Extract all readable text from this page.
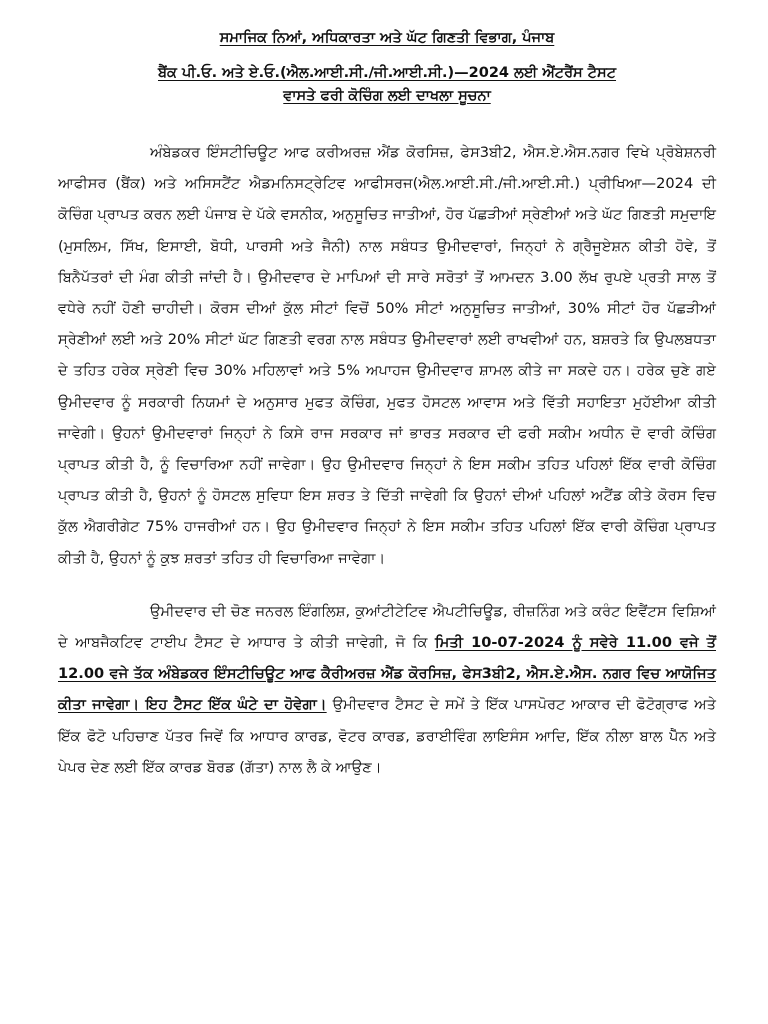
ਸਮਾਜਿਕ ਨਿਆਂ, ਅਧਿਕਾਰਤਾ ਅਤੇ ਘੱਟ ਗਿਣਤੀ ਵਿਭਾਗ, ਪੰਜਾਬ
ਬੈਂਕ ਪੀ.ਓ. ਅਤੇ ਏ.ਓ.(ਐਲ.ਆਈ.ਸੀ./ਜੀ.ਆਈ.ਸੀ.)—2024 ਲਈ ਐਂਟਰੈਂਸ ਟੈਸਟ
ਵਾਸਤੇ ਫਰੀ ਕੋਚਿੰਗ ਲਈ ਦਾਖਲਾ ਸੂਚਨਾ

ਅੰਬੇਡਕਰ ਇੰਸਟੀਚਿਊਟ ਆਫ ਕਰੀਅਰਜ਼ ਐਂਡ ਕੋਰਸਿਜ਼, ਫੇਸ3ਬੀ2, ਐਸ.ਏ.ਐਸ.ਨਗਰ ਵਿਖੇ ਪ੍ਰੋਬੇਸ਼ਨਰੀ ਆਫੀਸਰ (ਬੈਂਕ) ਅਤੇ ਅਸਿਸਟੈਂਟ ਐਡਮਨਿਸਟ੍ਰੇਟਿਵ ਆਫੀਸਰਜ(ਐਲ.ਆਈ.ਸੀ./ਜੀ.ਆਈ.ਸੀ.) ਪ੍ਰੀਖਿਆ—2024 ਦੀ ਕੋਚਿੰਗ ਪ੍ਰਾਪਤ ਕਰਨ ਲਈ ਪੰਜਾਬ ਦੇ ਪੱਕੇ ਵਸਨੀਕ, ਅਨੁਸੂਚਿਤ ਜਾਤੀਆਂ, ਹੋਰ ਪੱਛੜੀਆਂ ਸ੍ਰੇਣੀਆਂ ਅਤੇ ਘੱਟ ਗਿਣਤੀ ਸਮੁਦਾਇ (ਮੁਸਲਿਮ, ਸਿੱਖ, ਇਸਾਈ, ਬੋਧੀ, ਪਾਰਸੀ ਅਤੇ ਜੈਨੀ) ਨਾਲ ਸਬੰਧਤ ਉਮੀਦਵਾਰਾਂ, ਜਿਨ੍ਹਾਂ ਨੇ ਗ੍ਰੈਜੂਏਸ਼ਨ ਕੀਤੀ ਹੋਵੇ, ਤੋਂ ਬਿਨੈਪੱਤਰਾਂ ਦੀ ਮੰਗ ਕੀਤੀ ਜਾਂਦੀ ਹੈ। ਉਮੀਦਵਾਰ ਦੇ ਮਾਪਿਆਂ ਦੀ ਸਾਰੇ ਸਰੋਤਾਂ ਤੋਂ ਆਮਦਨ 3.00 ਲੱਖ ਰੁਪਏ ਪ੍ਰਤੀ ਸਾਲ ਤੋਂ ਵਧੇਰੇ ਨਹੀਂ ਹੋਣੀ ਚਾਹੀਦੀ। ਕੋਰਸ ਦੀਆਂ ਕੁੱਲ ਸੀਟਾਂ ਵਿਚੋਂ 50% ਸੀਟਾਂ ਅਨੁਸੂਚਿਤ ਜਾਤੀਆਂ, 30% ਸੀਟਾਂ ਹੋਰ ਪੱਛੜੀਆਂ ਸ੍ਰੇਣੀਆਂ ਲਈ ਅਤੇ 20% ਸੀਟਾਂ ਘੱਟ ਗਿਣਤੀ ਵਰਗ ਨਾਲ ਸਬੰਧਤ ਉਮੀਦਵਾਰਾਂ ਲਈ ਰਾਖਵੀਆਂ ਹਨ, ਬਸ਼ਰਤੇ ਕਿ ਉਪਲਬਧਤਾ ਦੇ ਤਹਿਤ ਹਰੇਕ ਸ੍ਰੇਣੀ ਵਿਚ 30% ਮਹਿਲਾਵਾਂ ਅਤੇ 5% ਅਪਾਹਜ ਉਮੀਦਵਾਰ ਸ਼ਾਮਲ ਕੀਤੇ ਜਾ ਸਕਦੇ ਹਨ। ਹਰੇਕ ਚੁਣੇ ਗਏ ਉਮੀਦਵਾਰ ਨੂੰ ਸਰਕਾਰੀ ਨਿਯਮਾਂ ਦੇ ਅਨੁਸਾਰ ਮੁਫਤ ਕੋਚਿੰਗ, ਮੁਫਤ ਹੋਸਟਲ ਆਵਾਸ ਅਤੇ ਵਿੱਤੀ ਸਹਾਇਤਾ ਮੁਹੱਈਆ ਕੀਤੀ ਜਾਵੇਗੀ। ਉਹਨਾਂ ਉਮੀਦਵਾਰਾਂ ਜਿਨ੍ਹਾਂ ਨੇ ਕਿਸੇ ਰਾਜ ਸਰਕਾਰ ਜਾਂ ਭਾਰਤ ਸਰਕਾਰ ਦੀ ਫਰੀ ਸਕੀਮ ਅਧੀਨ ਦੋ ਵਾਰੀ ਕੋਚਿੰਗ ਪ੍ਰਾਪਤ ਕੀਤੀ ਹੈ, ਨੂੰ ਵਿਚਾਰਿਆ ਨਹੀਂ ਜਾਵੇਗਾ। ਉਹ ਉਮੀਦਵਾਰ ਜਿਨ੍ਹਾਂ ਨੇ ਇਸ ਸਕੀਮ ਤਹਿਤ ਪਹਿਲਾਂ ਇੱਕ ਵਾਰੀ ਕੋਚਿੰਗ ਪ੍ਰਾਪਤ ਕੀਤੀ ਹੈ, ਉਹਨਾਂ ਨੂੰ ਹੋਸਟਲ ਸੁਵਿਧਾ ਇਸ ਸ਼ਰਤ ਤੇ ਦਿੱਤੀ ਜਾਵੇਗੀ ਕਿ ਉਹਨਾਂ ਦੀਆਂ ਪਹਿਲਾਂ ਅਟੈਂਡ ਕੀਤੇ ਕੋਰਸ ਵਿਚ ਕੁੱਲ ਐਗਰੀਗੇਟ 75% ਹਾਜਰੀਆਂ ਹਨ। ਉਹ ਉਮੀਦਵਾਰ ਜਿਨ੍ਹਾਂ ਨੇ ਇਸ ਸਕੀਮ ਤਹਿਤ ਪਹਿਲਾਂ ਇੱਕ ਵਾਰੀ ਕੋਚਿੰਗ ਪ੍ਰਾਪਤ ਕੀਤੀ ਹੈ, ਉਹਨਾਂ ਨੂੰ ਕੁਝ ਸ਼ਰਤਾਂ ਤਹਿਤ ਹੀ ਵਿਚਾਰਿਆ ਜਾਵੇਗਾ।

ਉਮੀਦਵਾਰ ਦੀ ਚੋਣ ਜਨਰਲ ਇੰਗਲਿਸ਼, ਕੁਆਂਟੀਟੇਟਿਵ ਐਪਟੀਚਿਊਡ, ਰੀਜ਼ਨਿੰਗ ਅਤੇ ਕਰੰਟ ਇਵੈਂਟਸ ਵਿਸ਼ਿਆਂ ਦੇ ਆਬਜੈਕਟਿਵ ਟਾਈਪ ਟੈਸਟ ਦੇ ਆਧਾਰ ਤੇ ਕੀਤੀ ਜਾਵੇਗੀ, ਜੋ ਕਿ ਮਿਤੀ 10-07-2024 ਨੂੰ ਸਵੇਰੇ 11.00 ਵਜੇ ਤੋਂ 12.00 ਵਜੇ ਤੱਕ ਅੰਬੇਡਕਰ ਇੰਸਟੀਚਿਊਟ ਆਫ ਕੈਰੀਅਰਜ਼ ਐਂਡ ਕੋਰਸਿਜ਼, ਫੇਸ3ਬੀ2, ਐਸ.ਏ.ਐਸ. ਨਗਰ ਵਿਚ ਆਯੋਜਿਤ ਕੀਤਾ ਜਾਵੇਗਾ। ਇਹ ਟੈਸਟ ਇੱਕ ਘੰਟੇ ਦਾ ਹੋਵੇਗਾ। ਉਮੀਦਵਾਰ ਟੈਸਟ ਦੇ ਸਮੇਂ ਤੇ ਇੱਕ ਪਾਸਪੋਰਟ ਆਕਾਰ ਦੀ ਫੋਟੋਗ੍ਰਾਫ ਅਤੇ ਇੱਕ ਫੋਟੋ ਪਹਿਚਾਣ ਪੱਤਰ ਜਿਵੇਂ ਕਿ ਆਧਾਰ ਕਾਰਡ, ਵੋਟਰ ਕਾਰਡ, ਡਰਾਈਵਿੰਗ ਲਾਇਸੰਸ ਆਦਿ, ਇੱਕ ਨੀਲਾ ਬਾਲ ਪੈੱਨ ਅਤੇ ਪੇਪਰ ਦੇਣ ਲਈ ਇੱਕ ਕਾਰਡ ਬੋਰਡ (ਗੱਤਾ) ਨਾਲ ਲੈ ਕੇ ਆਉਣ।
